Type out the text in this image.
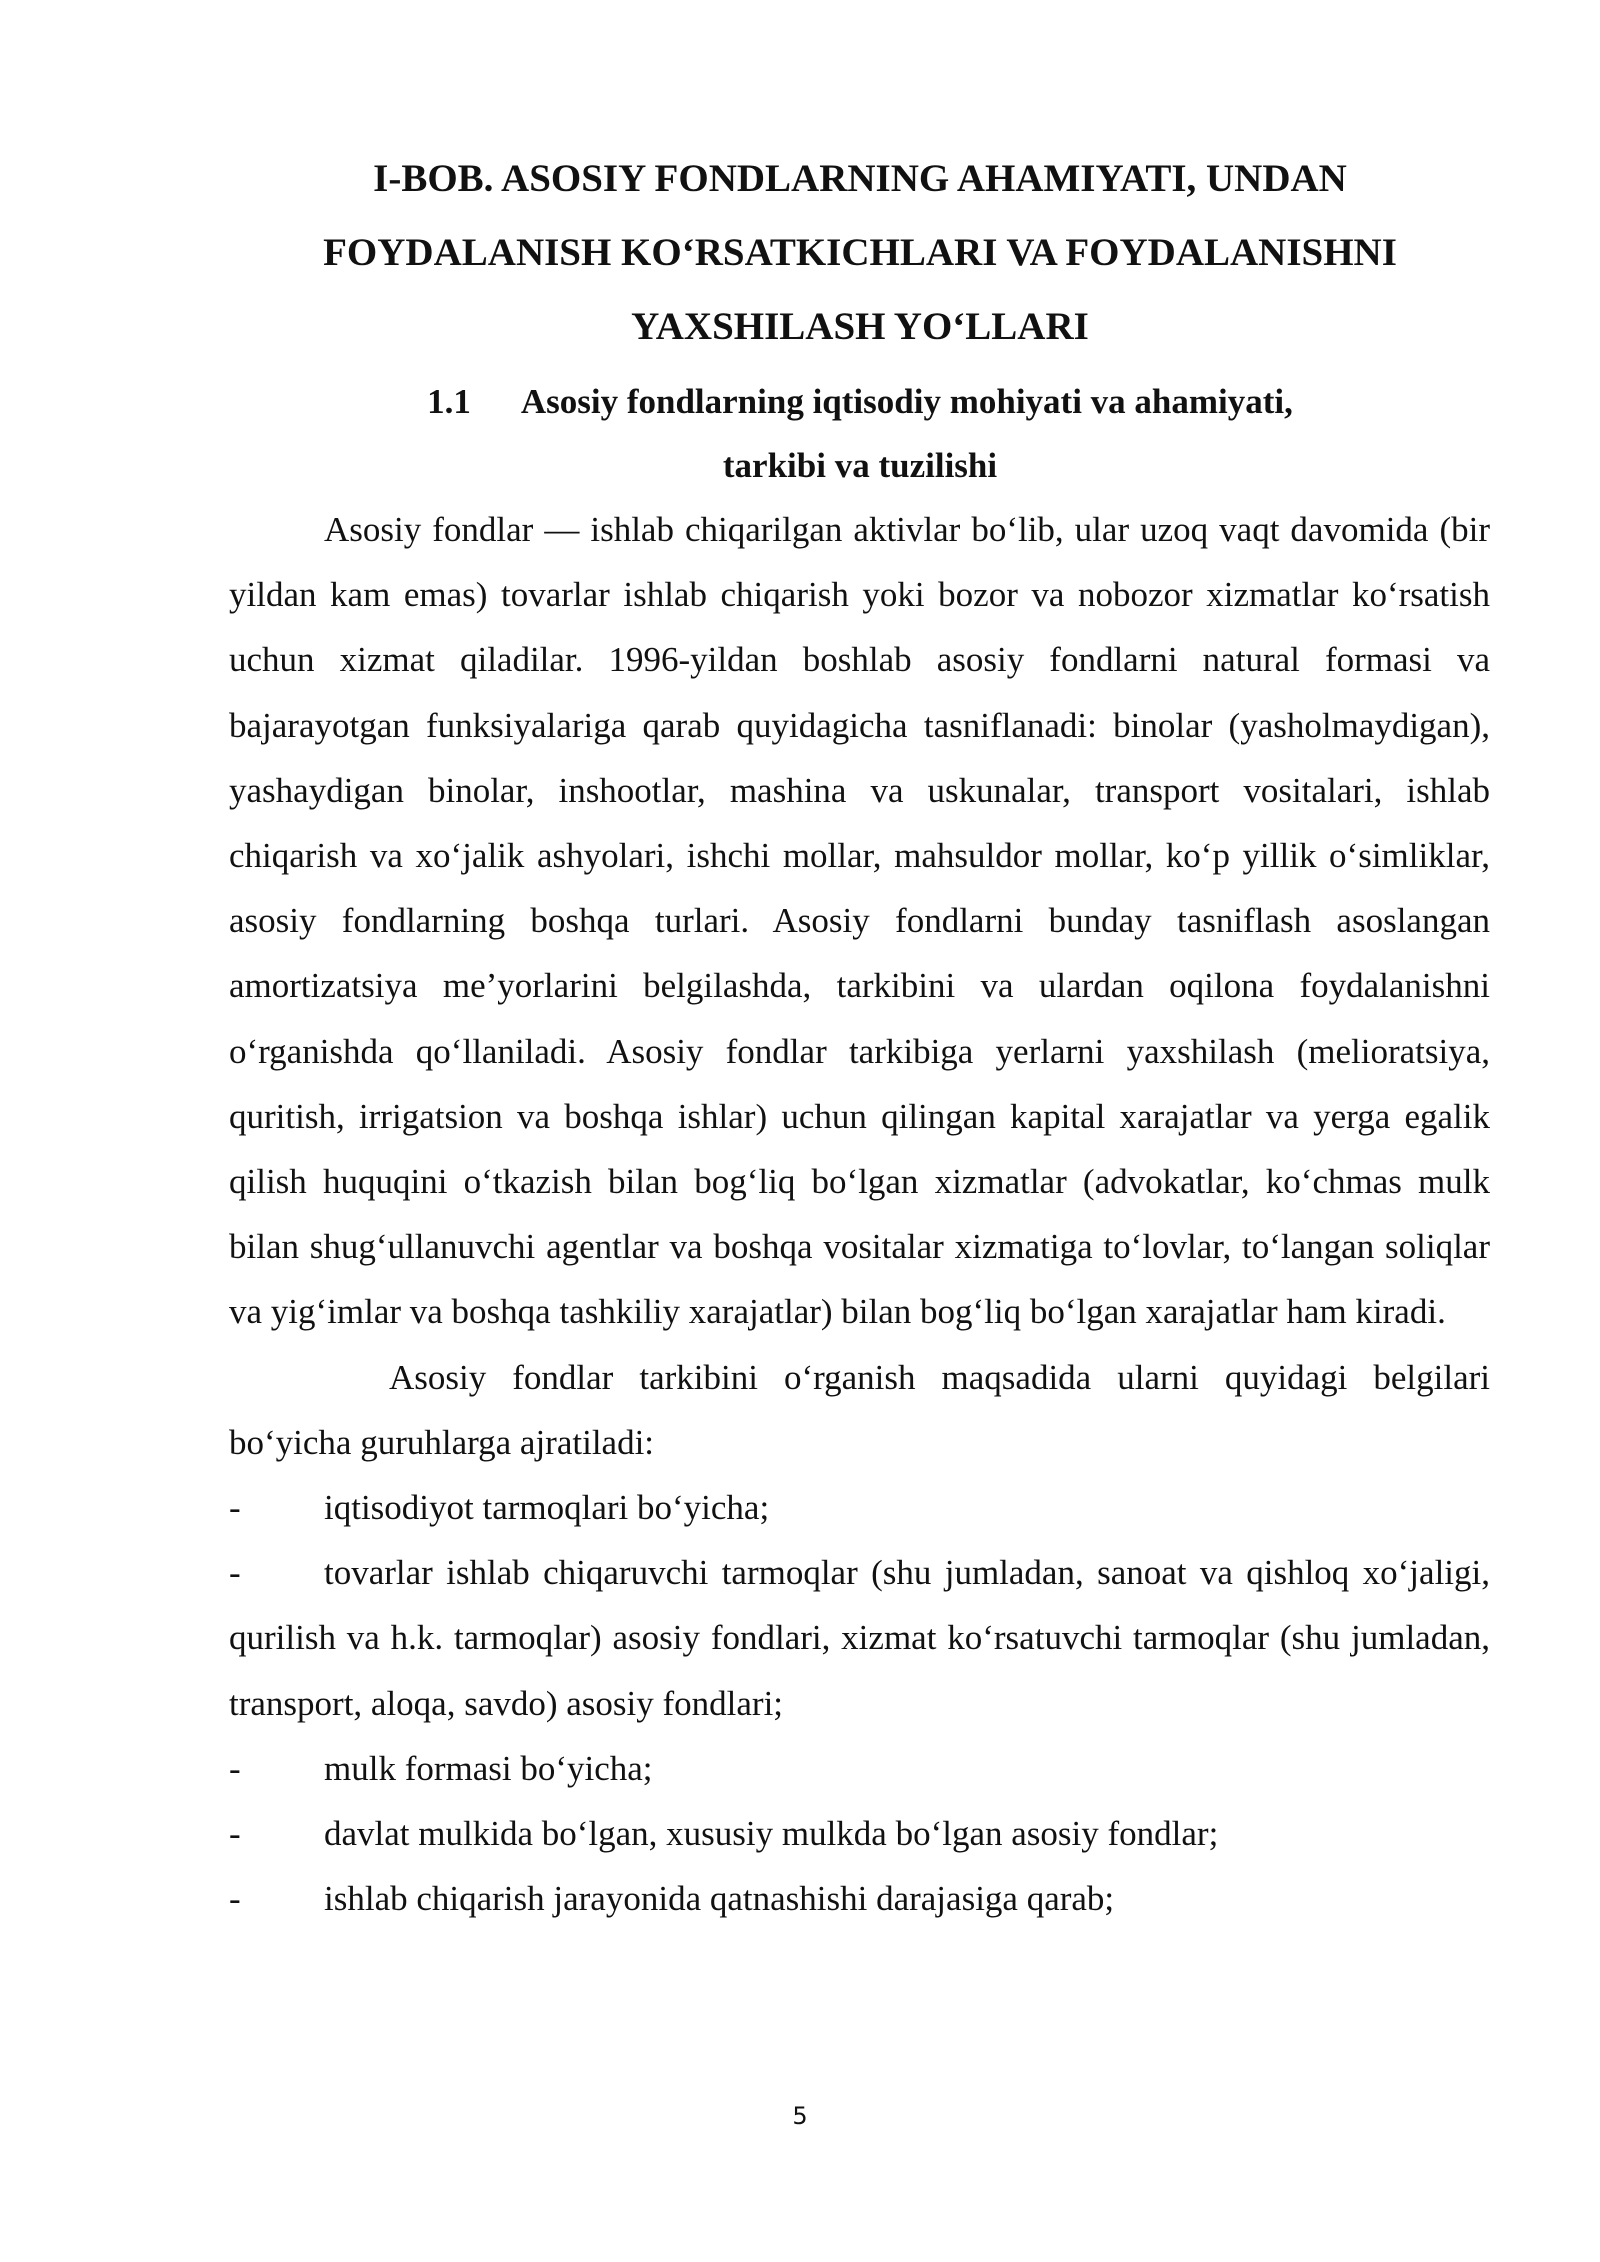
I-BOB. ASOSIY FONDLARNING AHAMIYATI, UNDAN
FOYDALANISH KO‘RSATKICHLARI VA FOYDALANISHNI
YAXSHILASH YO‘LLARI
1.1 Asosiy fondlarning iqtisodiy mohiyati va ahamiyati,
tarkibi va tuzilishi

Asosiy fondlar — ishlab chiqarilgan aktivlar bo‘lib, ular uzoq vaqt davomida (bir yildan kam emas) tovarlar ishlab chiqarish yoki bozor va nobozor xizmatlar ko‘rsatish uchun xizmat qiladilar. 1996-yildan boshlab asosiy fondlarni natural formasi va bajarayotgan funksiyalariga qarab quyidagicha tasniflanadi: binolar (yasholmaydigan), yashaydigan binolar, inshootlar, mashina va uskunalar, transport vositalari, ishlab chiqarish va xo‘jalik ashyolari, ishchi mollar, mahsuldor mollar, ko‘p yillik o‘simliklar, asosiy fondlarning boshqa turlari. Asosiy fondlarni bunday tasniflash asoslangan amortizatsiya me’yorlarini belgilashda, tarkibini va ulardan oqilona foydalanishni o‘rganishda qo‘llaniladi. Asosiy fondlar tarkibiga yerlarni yaxshilash (melioratsiya, quritish, irrigatsion va boshqa ishlar) uchun qilingan kapital xarajatlar va yerga egalik qilish huquqini o‘tkazish bilan bog‘liq bo‘lgan xizmatlar (advokatlar, ko‘chmas mulk bilan shug‘ullanuvchi agentlar va boshqa vositalar xizmatiga to‘lovlar, to‘langan soliqlar va yig‘imlar va boshqa tashkiliy xarajatlar) bilan bog‘liq bo‘lgan xarajatlar ham kiradi.

Asosiy fondlar tarkibini o‘rganish maqsadida ularni quyidagi belgilari bo‘yicha guruhlarga ajratiladi:

-	iqtisodiyot tarmoqlari bo‘yicha;
- tovarlar ishlab chiqaruvchi tarmoqlar (shu jumladan, sanoat va qishloq xo‘jaligi, qurilish va h.k. tarmoqlar) asosiy fondlari, xizmat ko‘rsatuvchi tarmoqlar (shu jumladan, transport, aloqa, savdo) asosiy fondlari;
-	mulk formasi bo‘yicha;
-	davlat mulkida bo‘lgan, xususiy mulkda bo‘lgan asosiy fondlar;
-	ishlab chiqarish jarayonida qatnashishi darajasiga qarab;
5
